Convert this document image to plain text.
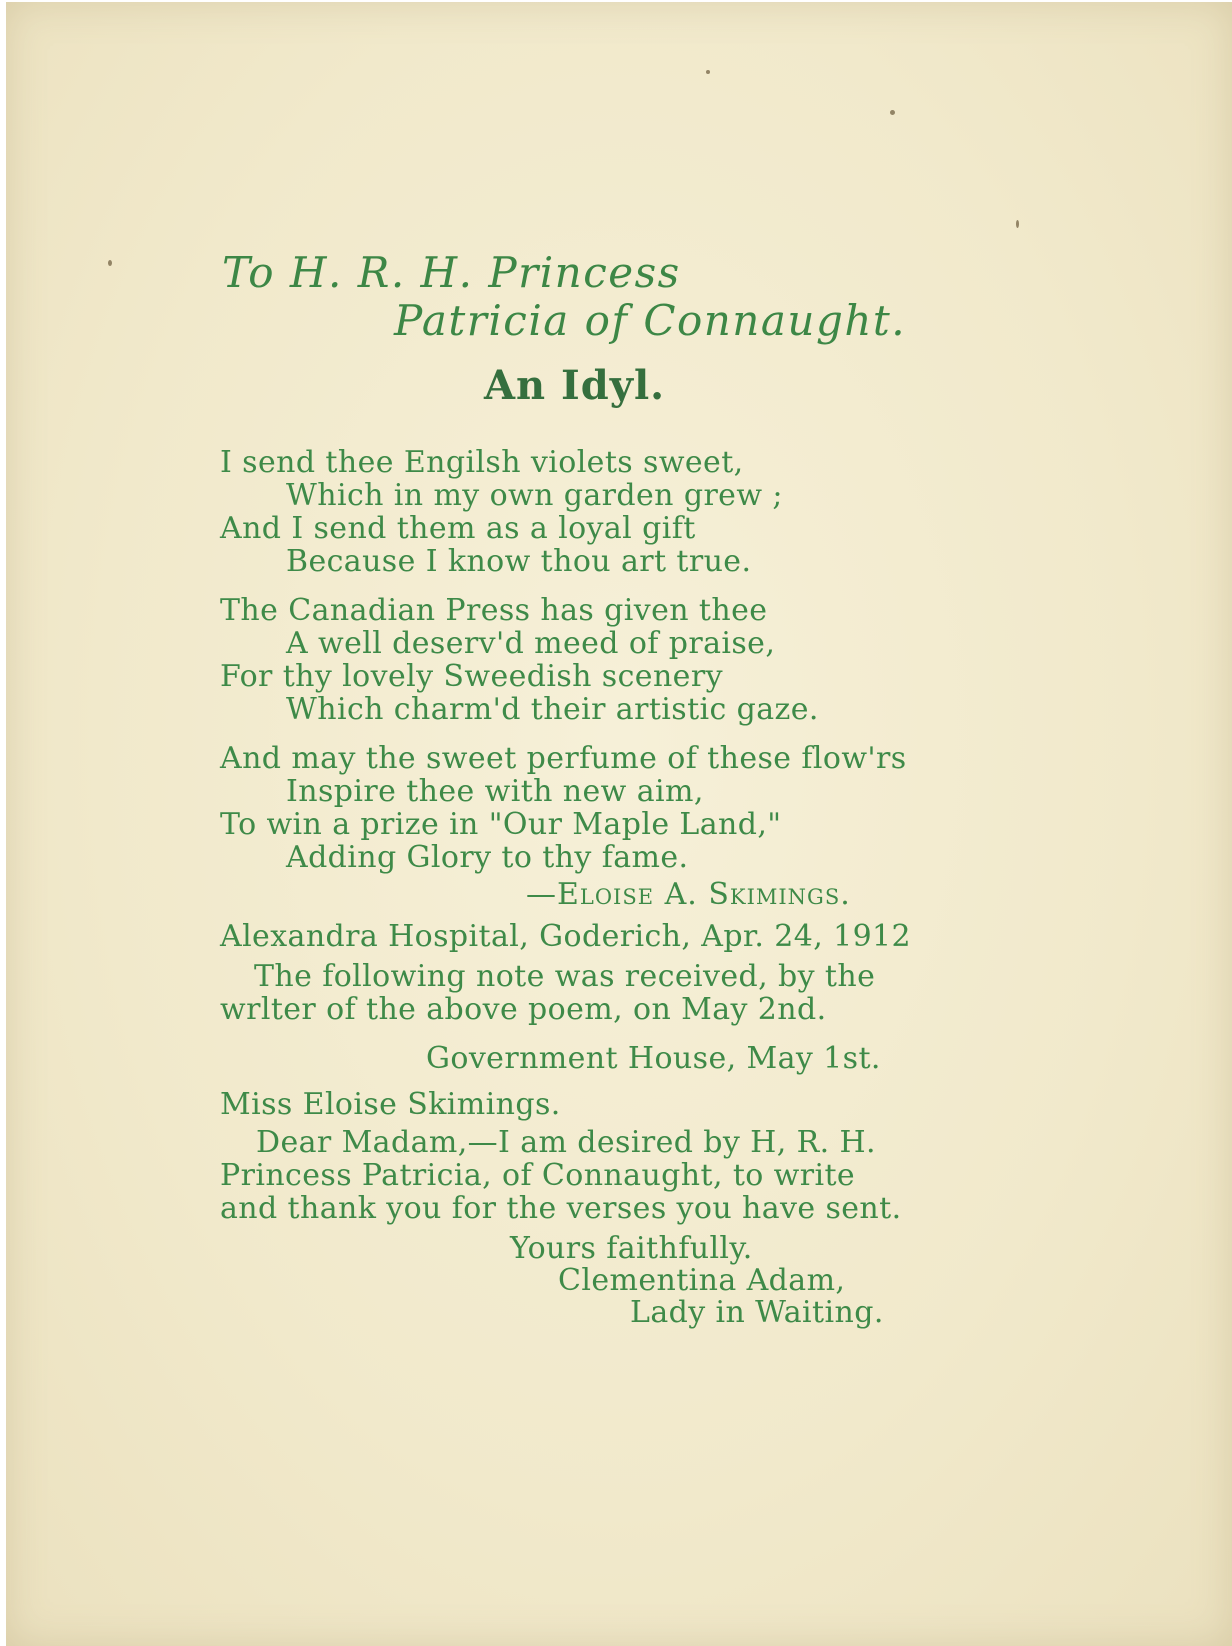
To H. R. H. Princess
Patricia of Connaught.
An Idyl.
I send thee Engilsh violets sweet,
Which in my own garden grew ;
And I send them as a loyal gift
Because I know thou art true.
The Canadian Press has given thee
A well deserv'd meed of praise,
For thy lovely Sweedish scenery
Which charm'd their artistic gaze.
And may the sweet perfume of these flow'rs
Inspire thee with new aim,
To win a prize in "Our Maple Land,"
Adding Glory to thy fame.
—Eloise A. Skimings.
Alexandra Hospital, Goderich, Apr. 24, 1912
The following note was received, by the
wrlter of the above poem, on May 2nd.
Government House, May 1st.
Miss Eloise Skimings.
Dear Madam,—I am desired by H, R. H.
Princess Patricia, of Connaught, to write
and thank you for the verses you have sent.
Yours faithfully.
Clementina Adam,
Lady in Waiting.
